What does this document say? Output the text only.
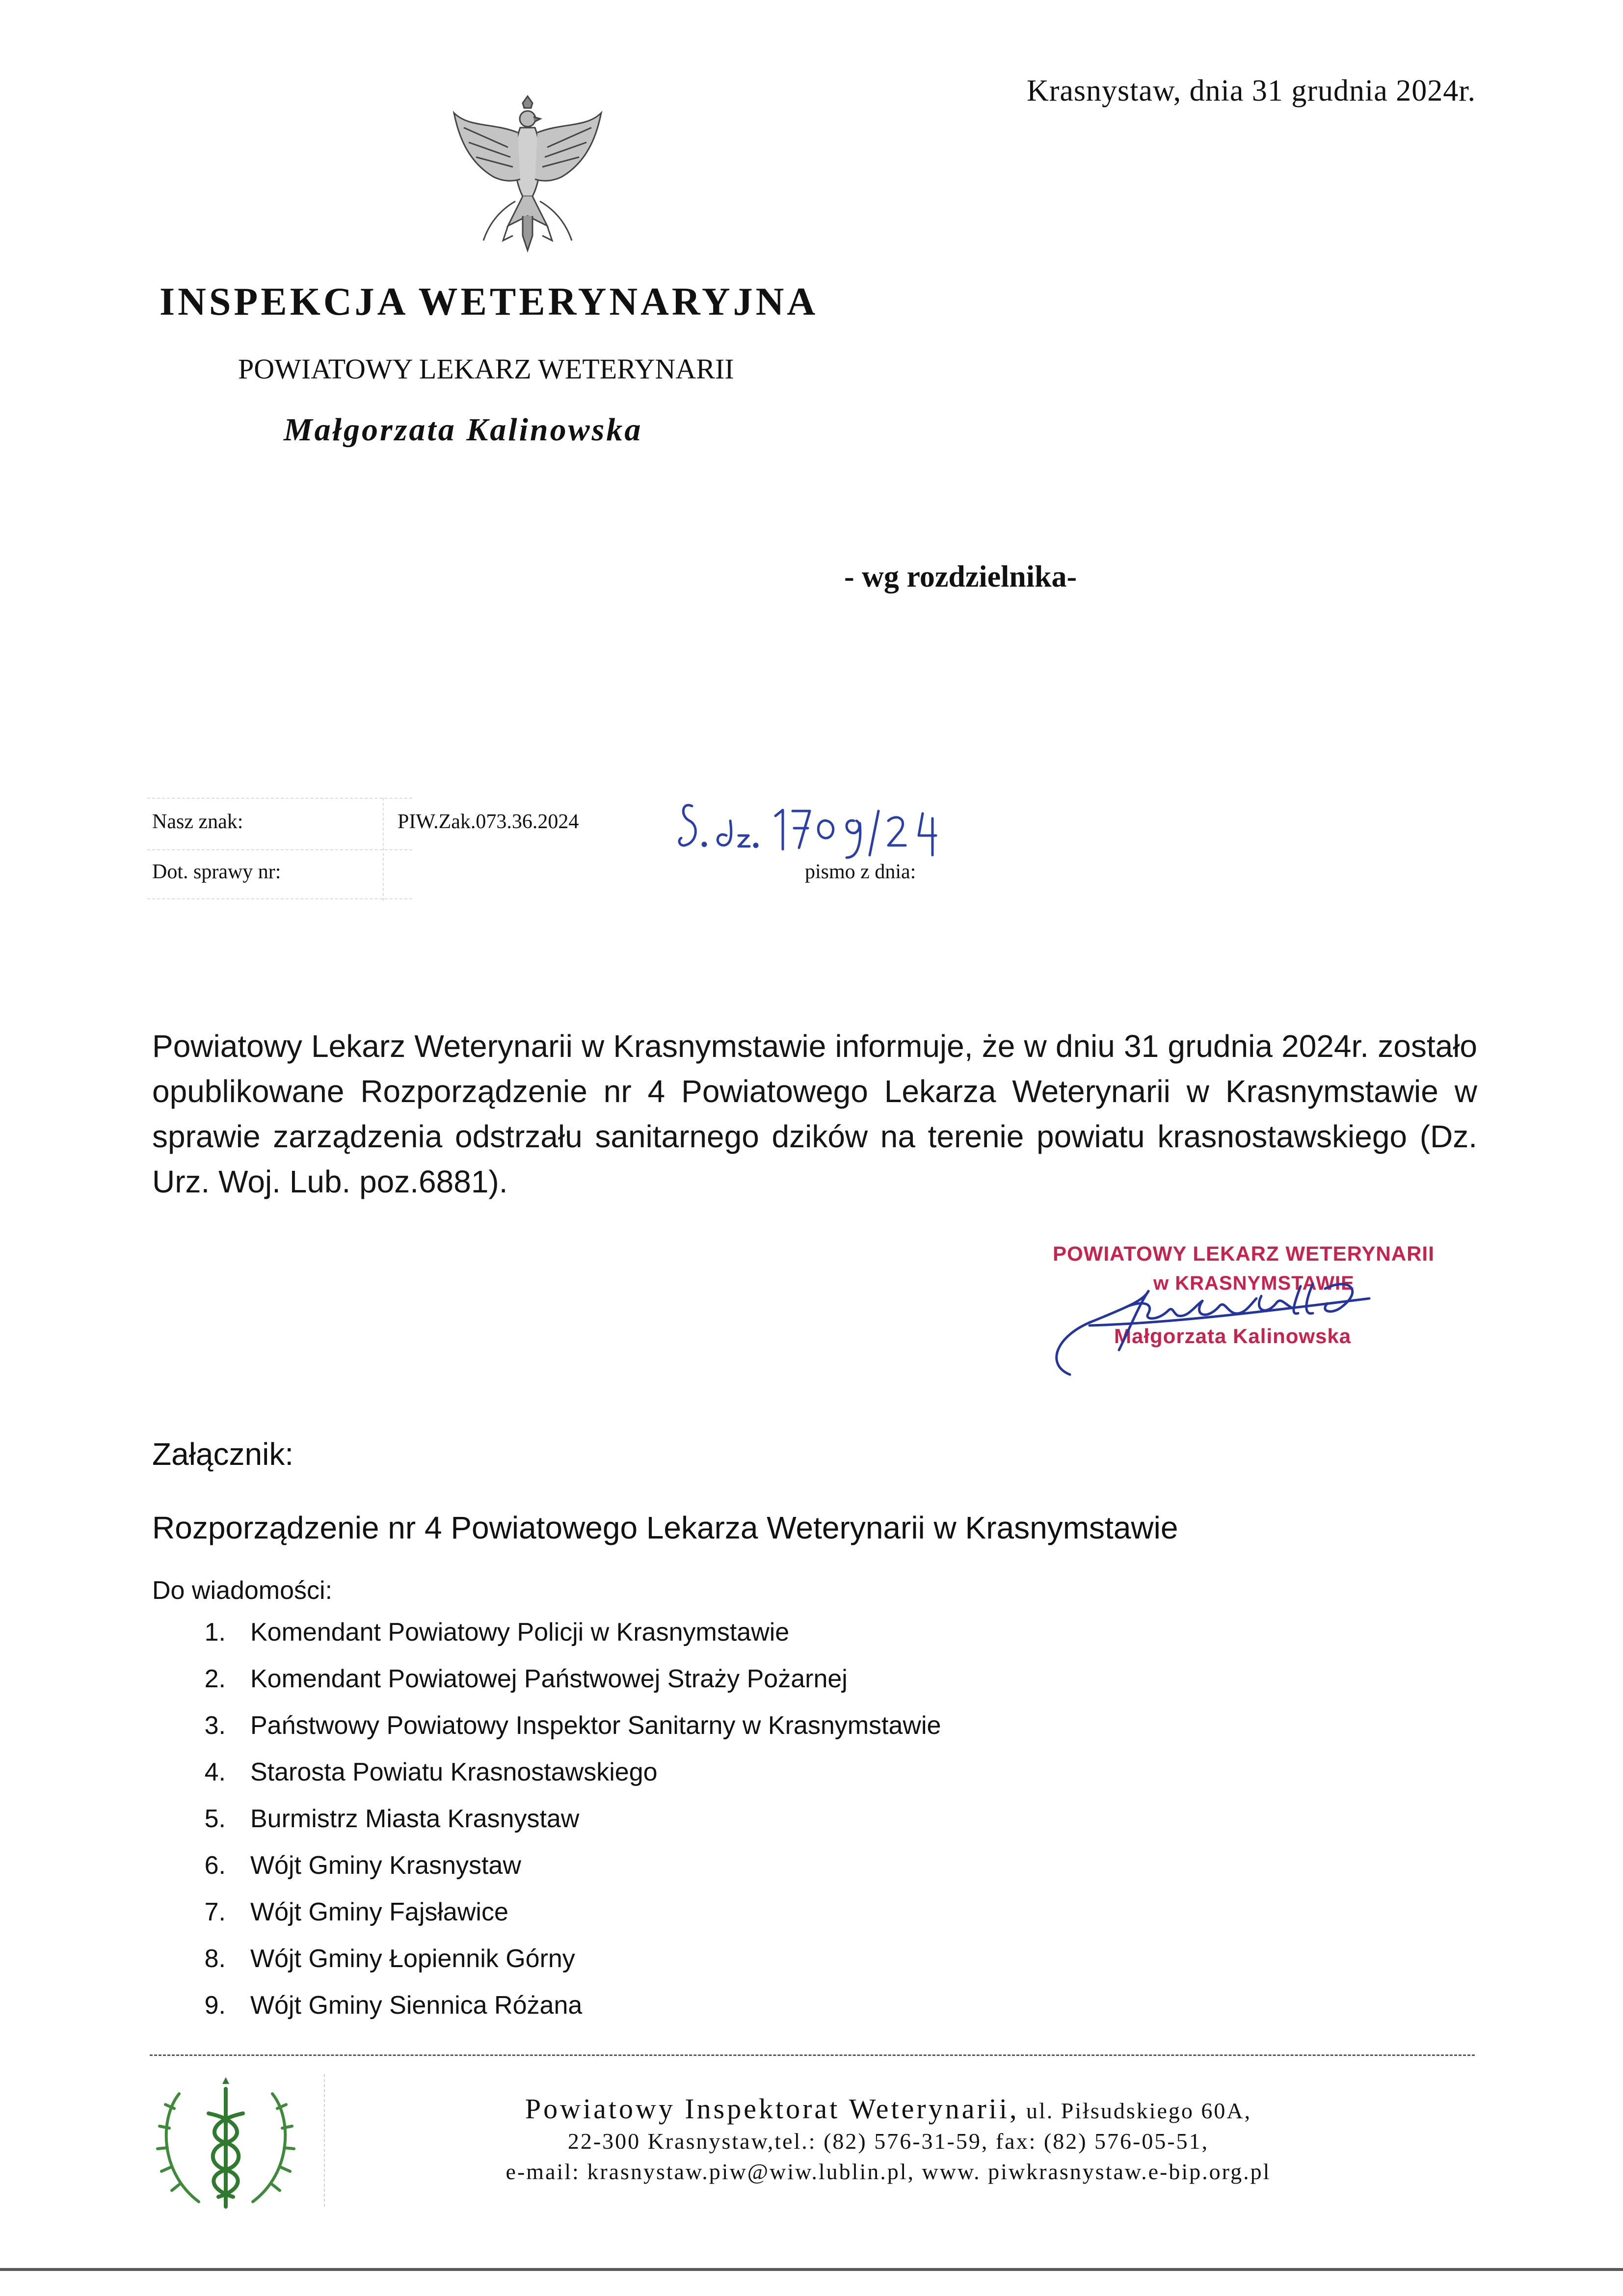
Krasnystaw, dnia 31 grudnia 2024r.
INSPEKCJA WETERYNARYJNA
POWIATOWY LEKARZ WETERYNARII
Małgorzata Kalinowska
- wg rozdzielnika-
Nasz znak:	PIW.Zak.073.36.2024
Dot. sprawy nr:	pismo z dnia:
Powiatowy Lekarz Weterynarii w Krasnymstawie informuje, że w dniu 31 grudnia 2024r. zostało opublikowane Rozporządzenie nr 4 Powiatowego Lekarza Weterynarii w Krasnymstawie w sprawie zarządzenia odstrzału sanitarnego dzików na terenie powiatu krasnostawskiego (Dz. Urz. Woj. Lub. poz.6881).
POWIATOWY LEKARZ WETERYNARII
w KRASNYMSTAWIE
Małgorzata Kalinowska
Załącznik:
Rozporządzenie nr 4 Powiatowego Lekarza Weterynarii w Krasnymstawie
Do wiadomości:
1. Komendant Powiatowy Policji w Krasnymstawie
2. Komendant Powiatowej Państwowej Straży Pożarnej
3. Państwowy Powiatowy Inspektor Sanitarny w Krasnymstawie
4. Starosta Powiatu Krasnostawskiego
5. Burmistrz Miasta Krasnystaw
6. Wójt Gminy Krasnystaw
7. Wójt Gminy Fajsławice
8. Wójt Gminy Łopiennik Górny
9. Wójt Gminy Siennica Różana
Powiatowy Inspektorat Weterynarii, ul. Piłsudskiego 60A,
22-300 Krasnystaw,tel.: (82) 576-31-59, fax: (82) 576-05-51,
e-mail: krasnystaw.piw@wiw.lublin.pl, www. piwkrasnystaw.e-bip.org.pl
